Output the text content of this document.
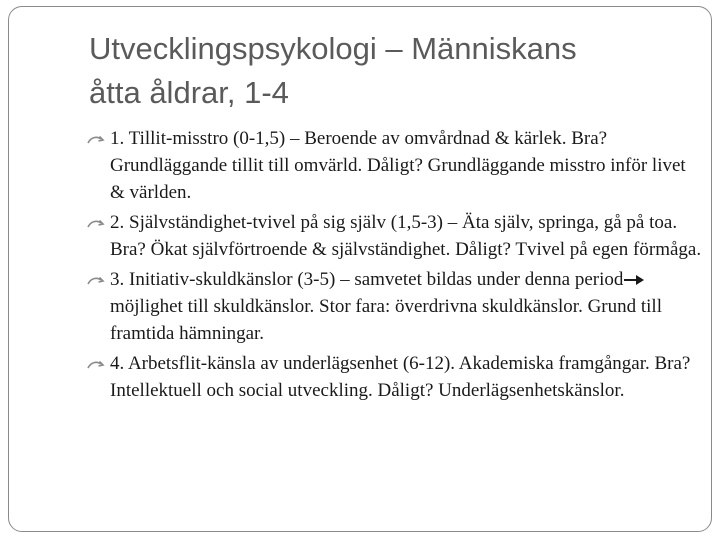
Utvecklingspsykologi – Människans
åtta åldrar, 1-4
1. Tillit-misstro (0-1,5) – Beroende av omvårdnad & kärlek. Bra? Grundläggande tillit till omvärld. Dåligt? Grundläggande misstro inför livet & världen.
2. Självständighet-tvivel på sig själv (1,5-3) – Äta själv, springa, gå på toa. Bra? Ökat självförtroende & självständighet. Dåligt? Tvivel på egen förmåga.
3. Initiativ-skuldkänslor (3-5) – samvetet bildas under denna periodmöjlighet till skuldkänslor. Stor fara: överdrivna skuldkänslor. Grund till framtida hämningar.
4. Arbetsflit-känsla av underlägsenhet (6-12). Akademiska framgångar. Bra? Intellektuell och social utveckling. Dåligt? Underlägsenhetskänslor.
